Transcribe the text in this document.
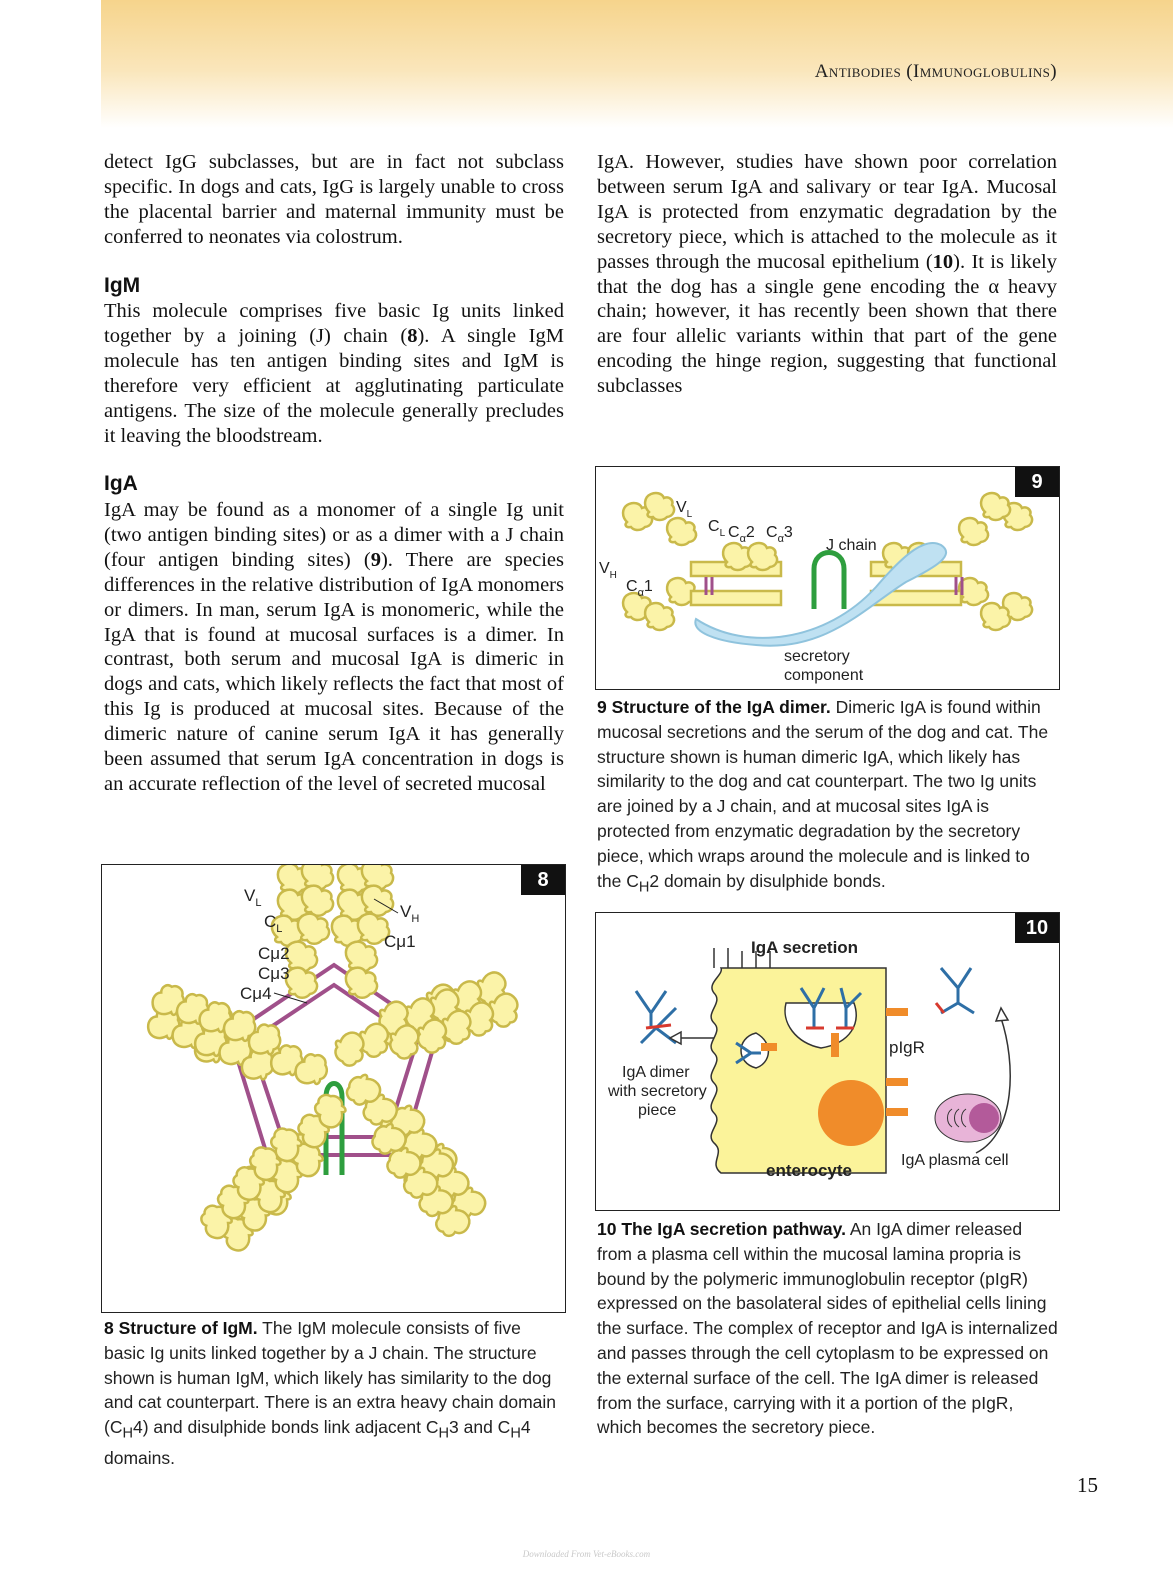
Antibodies (Immunoglobulins)

detect IgG subclasses, but are in fact not subclass specific. In dogs and cats, IgG is largely unable to cross the placental barrier and maternal immunity must be conferred to neonates via colostrum.

IgM

This molecule comprises five basic Ig units linked together by a joining (J) chain (8). A single IgM molecule has ten antigen binding sites and IgM is therefore very efficient at agglutinating particulate antigens. The size of the molecule generally precludes it leaving the bloodstream.

IgA

IgA may be found as a monomer of a single Ig unit (two antigen binding sites) or as a dimer with a J chain (four antigen binding sites) (9). There are species differences in the relative distribution of IgA monomers or dimers. In man, serum IgA is monomeric, while the IgA that is found at mucosal surfaces is a dimer. In contrast, both serum and mucosal IgA is dimeric in dogs and cats, which likely reflects the fact that most of this Ig is produced at mucosal sites. Because of the dimeric nature of canine serum IgA it has generally been assumed that serum IgA concentration in dogs is an accurate reflection of the level of secreted mucosal

IgA. However, studies have shown poor correlation between serum IgA and salivary or tear IgA. Mucosal IgA is protected from enzymatic degradation by the secretory piece, which is attached to the molecule as it passes through the mucosal epithelium (10). It is likely that the dog has a single gene encoding the α heavy chain; however, it has recently been shown that there are four allelic variants within that part of the gene encoding the hinge region, suggesting that functional subclasses

8
$V_L$
$C_L$
Cμ2
Cμ3
Cμ4
$V_H$
Cμ1

8 Structure of IgM. The IgM molecule consists of five basic Ig units linked together by a J chain. The structure shown is human IgM, which likely has similarity to the dog and cat counterpart. There is an extra heavy chain domain $(C_H4)$ and disulphide bonds link adjacent $C_H3$ and $C_H4$ domains.

9
$V_L$
$C_L$ $C_\alpha 2$ $C_\alpha 3$
$V_H$
$C_\alpha 1$
J chain
secretory
component

9 Structure of the IgA dimer. Dimeric IgA is found within mucosal secretions and the serum of the dog and cat. The structure shown is human dimeric IgA, which likely has similarity to the dog and cat counterpart. The two Ig units are joined by a J chain, and at mucosal sites IgA is protected from enzymatic degradation by the secretory piece, which wraps around the molecule and is linked to the $C_H2$ domain by disulphide bonds.

10
IgA secretion
pIgR
IgA dimer
with secretory
piece
enterocyte
IgA plasma cell

10 The IgA secretion pathway. An IgA dimer released from a plasma cell within the mucosal lamina propria is bound by the polymeric immunoglobulin receptor (pIgR) expressed on the basolateral sides of epithelial cells lining the surface. The complex of receptor and IgA is internalized and passes through the cell cytoplasm to be expressed on the external surface of the cell. The IgA dimer is released from the surface, carrying with it a portion of the pIgR, which becomes the secretory piece.

15
Downloaded From Vet-eBooks.com
